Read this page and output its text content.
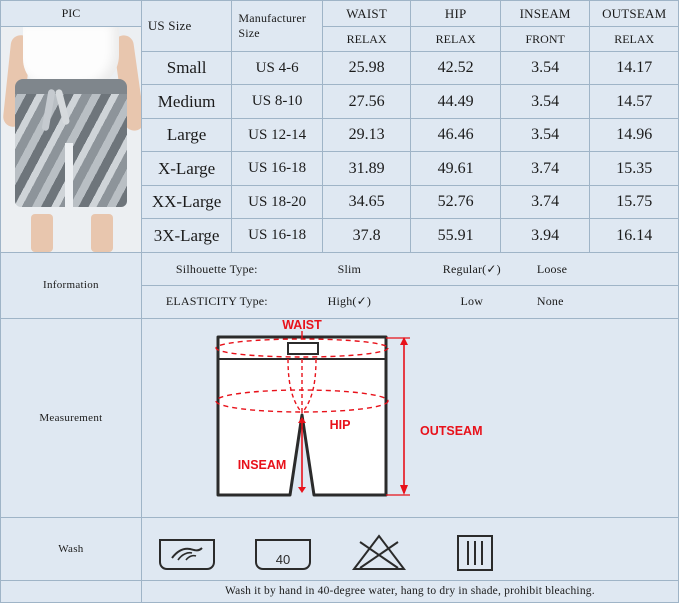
PIC	US Size	Manufacturer Size	WAIST	HIP	INSEAM	OUTSEAM

			RELAX	RELAX	FRONT	RELAX
	Small	US 4-6	25.98	42.52	3.54	14.17
	Medium	US 8-10	27.56	44.49	3.54	14.57
	Large	US 12-14	29.13	46.46	3.54	14.96
	X-Large	US 16-18	31.89	49.61	3.74	15.35
	XX-Large	US 18-20	34.65	52.76	3.74	15.75
	3X-Large	US 16-18	37.8	55.91	3.94	16.14
Information	Silhouette Type: Slim Regular(✓) Loose					

	ELASTICITY Type: High(✓) Low None					

Measurement	WAIST
HIP
INSEAM
OUTSEAM					

Wash	40					

	Wash it by hand in 40-degree water, hang to dry in shade, prohibit bleaching.					
